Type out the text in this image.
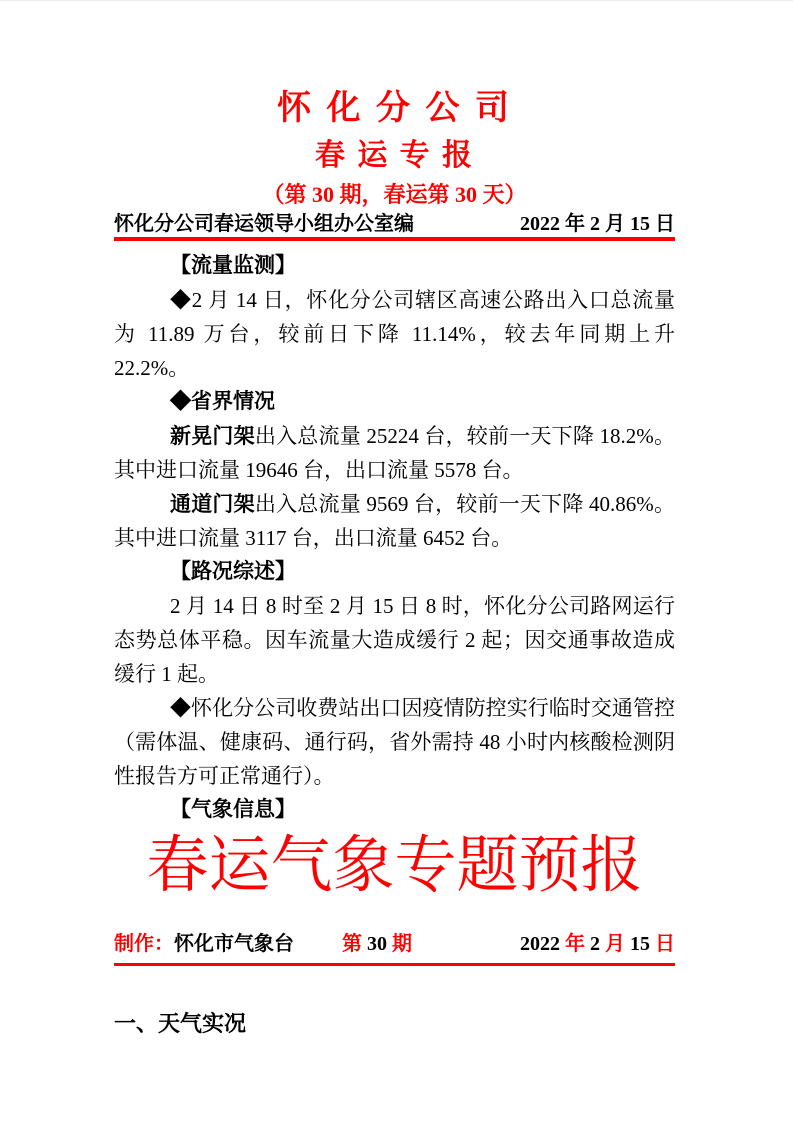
怀 化 分 公 司
春 运 专 报
（第 30 期，春运第 30 天）
怀化分公司春运领导小组办公室编	2022 年 2 月 15 日

【流量监测】

◆2 月 14 日，怀化分公司辖区高速公路出入口总流量为 11.89 万台，较前日下降 11.14%，较去年同期上升 22.2%。

◆省界情况

新晃门架出入总流量 25224 台，较前一天下降 18.2%。其中进口流量 19646 台，出口流量 5578 台。

通道门架出入总流量 9569 台，较前一天下降 40.86%。其中进口流量 3117 台，出口流量 6452 台。

【路况综述】

2 月 14 日 8 时至 2 月 15 日 8 时，怀化分公司路网运行态势总体平稳。因车流量大造成缓行 2 起；因交通事故造成缓行 1 起。

◆怀化分公司收费站出口因疫情防控实行临时交通管控（需体温、健康码、通行码，省外需持 48 小时内核酸检测阴性报告方可正常通行）。

【气象信息】

春运气象专题预报
制作：怀化市气象台 第 30 期	2022 年 2 月 15 日
一、天气实况
